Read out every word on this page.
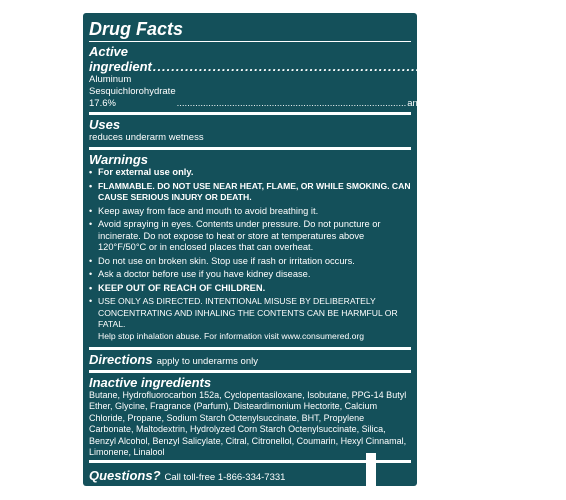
Drug Facts
Active ingredient .............................................................................. Purpose
Aluminum Sesquichlorohydrate 17.6%	....................................................................................... antiperspirant
Uses
reduces underarm wetness
Warnings
• For external use only.
• FLAMMABLE. DO NOT USE NEAR HEAT, FLAME, OR WHILE SMOKING. CAN CAUSE SERIOUS INJURY OR DEATH.
• Keep away from face and mouth to avoid breathing it.
• Avoid spraying in eyes. Contents under pressure. Do not puncture or incinerate. Do not expose to heat or store at temperatures above 120°F/50°C or in enclosed places that can overheat.
• Do not use on broken skin. Stop use if rash or irritation occurs.
• Ask a doctor before use if you have kidney disease.
• KEEP OUT OF REACH OF CHILDREN.
• USE ONLY AS DIRECTED. INTENTIONAL MISUSE BY DELIBERATELY CONCENTRATING AND INHALING THE CONTENTS CAN BE HARMFUL OR FATAL.
Help stop inhalation abuse. For information visit www.consumered.org
Directions apply to underarms only
Inactive ingredients
Butane, Hydrofluorocarbon 152a, Cyclopentasiloxane, Isobutane, PPG-14 Butyl Ether, Glycine, Fragrance (Parfum), Disteardimonium Hectorite, Calcium Chloride, Propane, Sodium Starch Octenylsuccinate, BHT, Propylene Carbonate, Maltodextrin, Hydrolyzed Corn Starch Octenylsuccinate, Silica, Benzyl Alcohol, Benzyl Salicylate, Citral, Citronellol, Coumarin, Hexyl Cinnamal, Limonene, Linalool
Questions? Call toll-free 1-866-334-7331
